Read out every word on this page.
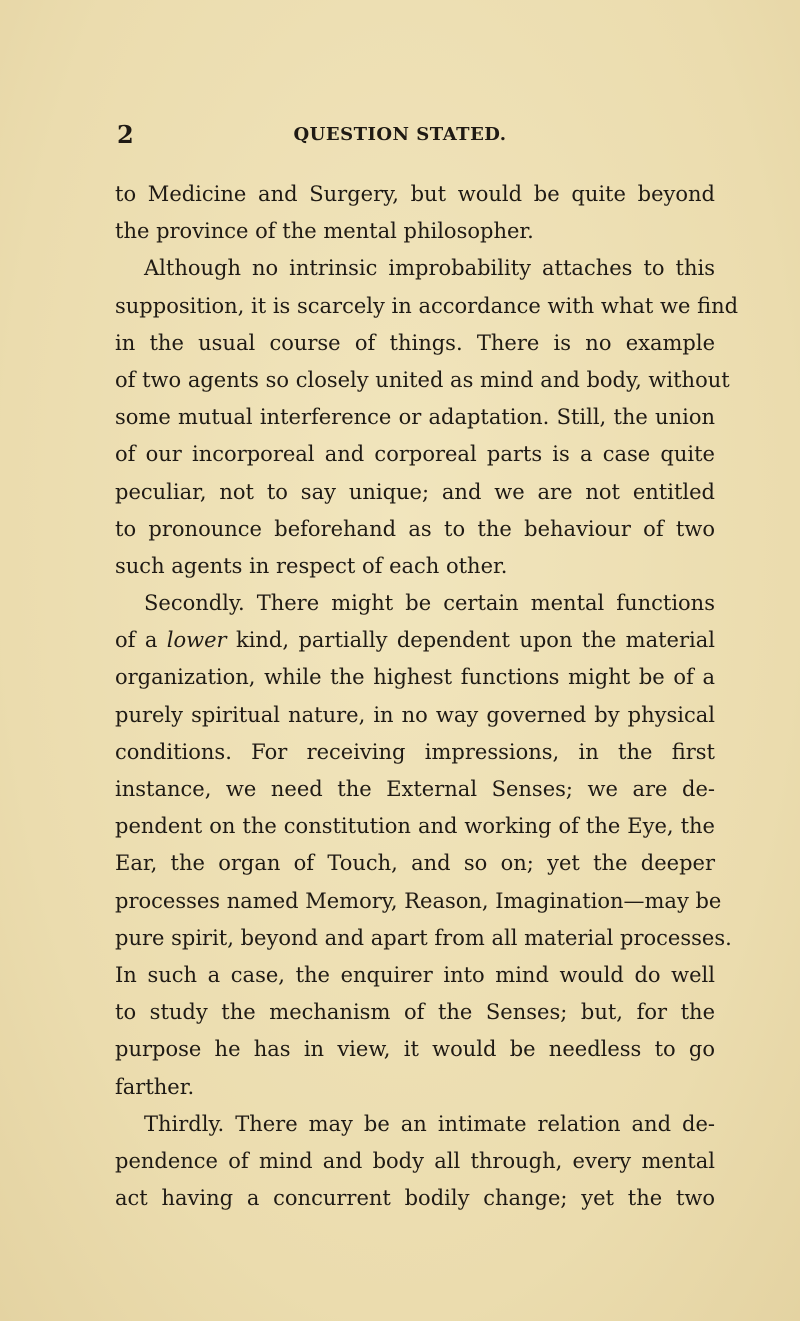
2	QUESTION STATED.
to Medicine and Surgery, but would be quite beyond
the province of the mental philosopher.
Although no intrinsic improbability attaches to this
supposition, it is scarcely in accordance with what we find
in the usual course of things. There is no example
of two agents so closely united as mind and body, without
some mutual interference or adaptation. Still, the union
of our incorporeal and corporeal parts is a case quite
peculiar, not to say unique; and we are not entitled
to pronounce beforehand as to the behaviour of two
such agents in respect of each other.
Secondly. There might be certain mental functions
of a lower kind, partially dependent upon the material
organization, while the highest functions might be of a
purely spiritual nature, in no way governed by physical
conditions. For receiving impressions, in the first
instance, we need the External Senses; we are de-
pendent on the constitution and working of the Eye, the
Ear, the organ of Touch, and so on; yet the deeper
processes named Memory, Reason, Imagination—may be
pure spirit, beyond and apart from all material processes.
In such a case, the enquirer into mind would do well
to study the mechanism of the Senses; but, for the
purpose he has in view, it would be needless to go
farther.
Thirdly. There may be an intimate relation and de-
pendence of mind and body all through, every mental
act having a concurrent bodily change; yet the two
